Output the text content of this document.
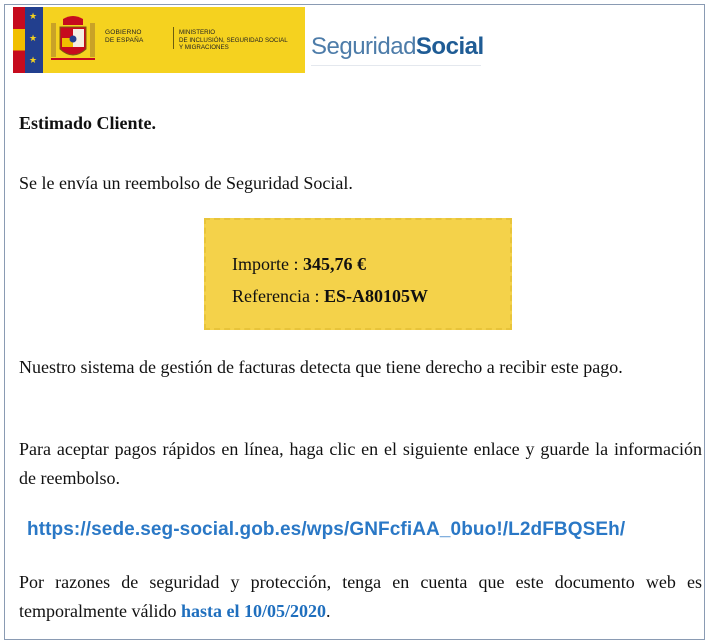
★
★
★
GOBIERNO
DE ESPAÑA
MINISTERIO
DE INCLUSIÓN, SEGURIDAD SOCIAL
Y MIGRACIONES	SeguridadSocial
Estimado Cliente.
Se le envía un reembolso de Seguridad Social.
Importe : 345,76 €
Referencia : ES-A80105W
Nuestro sistema de gestión de facturas detecta que tiene derecho a recibir este pago.
Para aceptar pagos rápidos en línea, haga clic en el siguiente enlace y guarde la información de reembolso.
https://sede.seg-social.gob.es/wps/GNFcfiAA_0buo!/L2dFBQSEh/
Por razones de seguridad y protección, tenga en cuenta que este documento web es temporalmente válido hasta el 10/05/2020.
